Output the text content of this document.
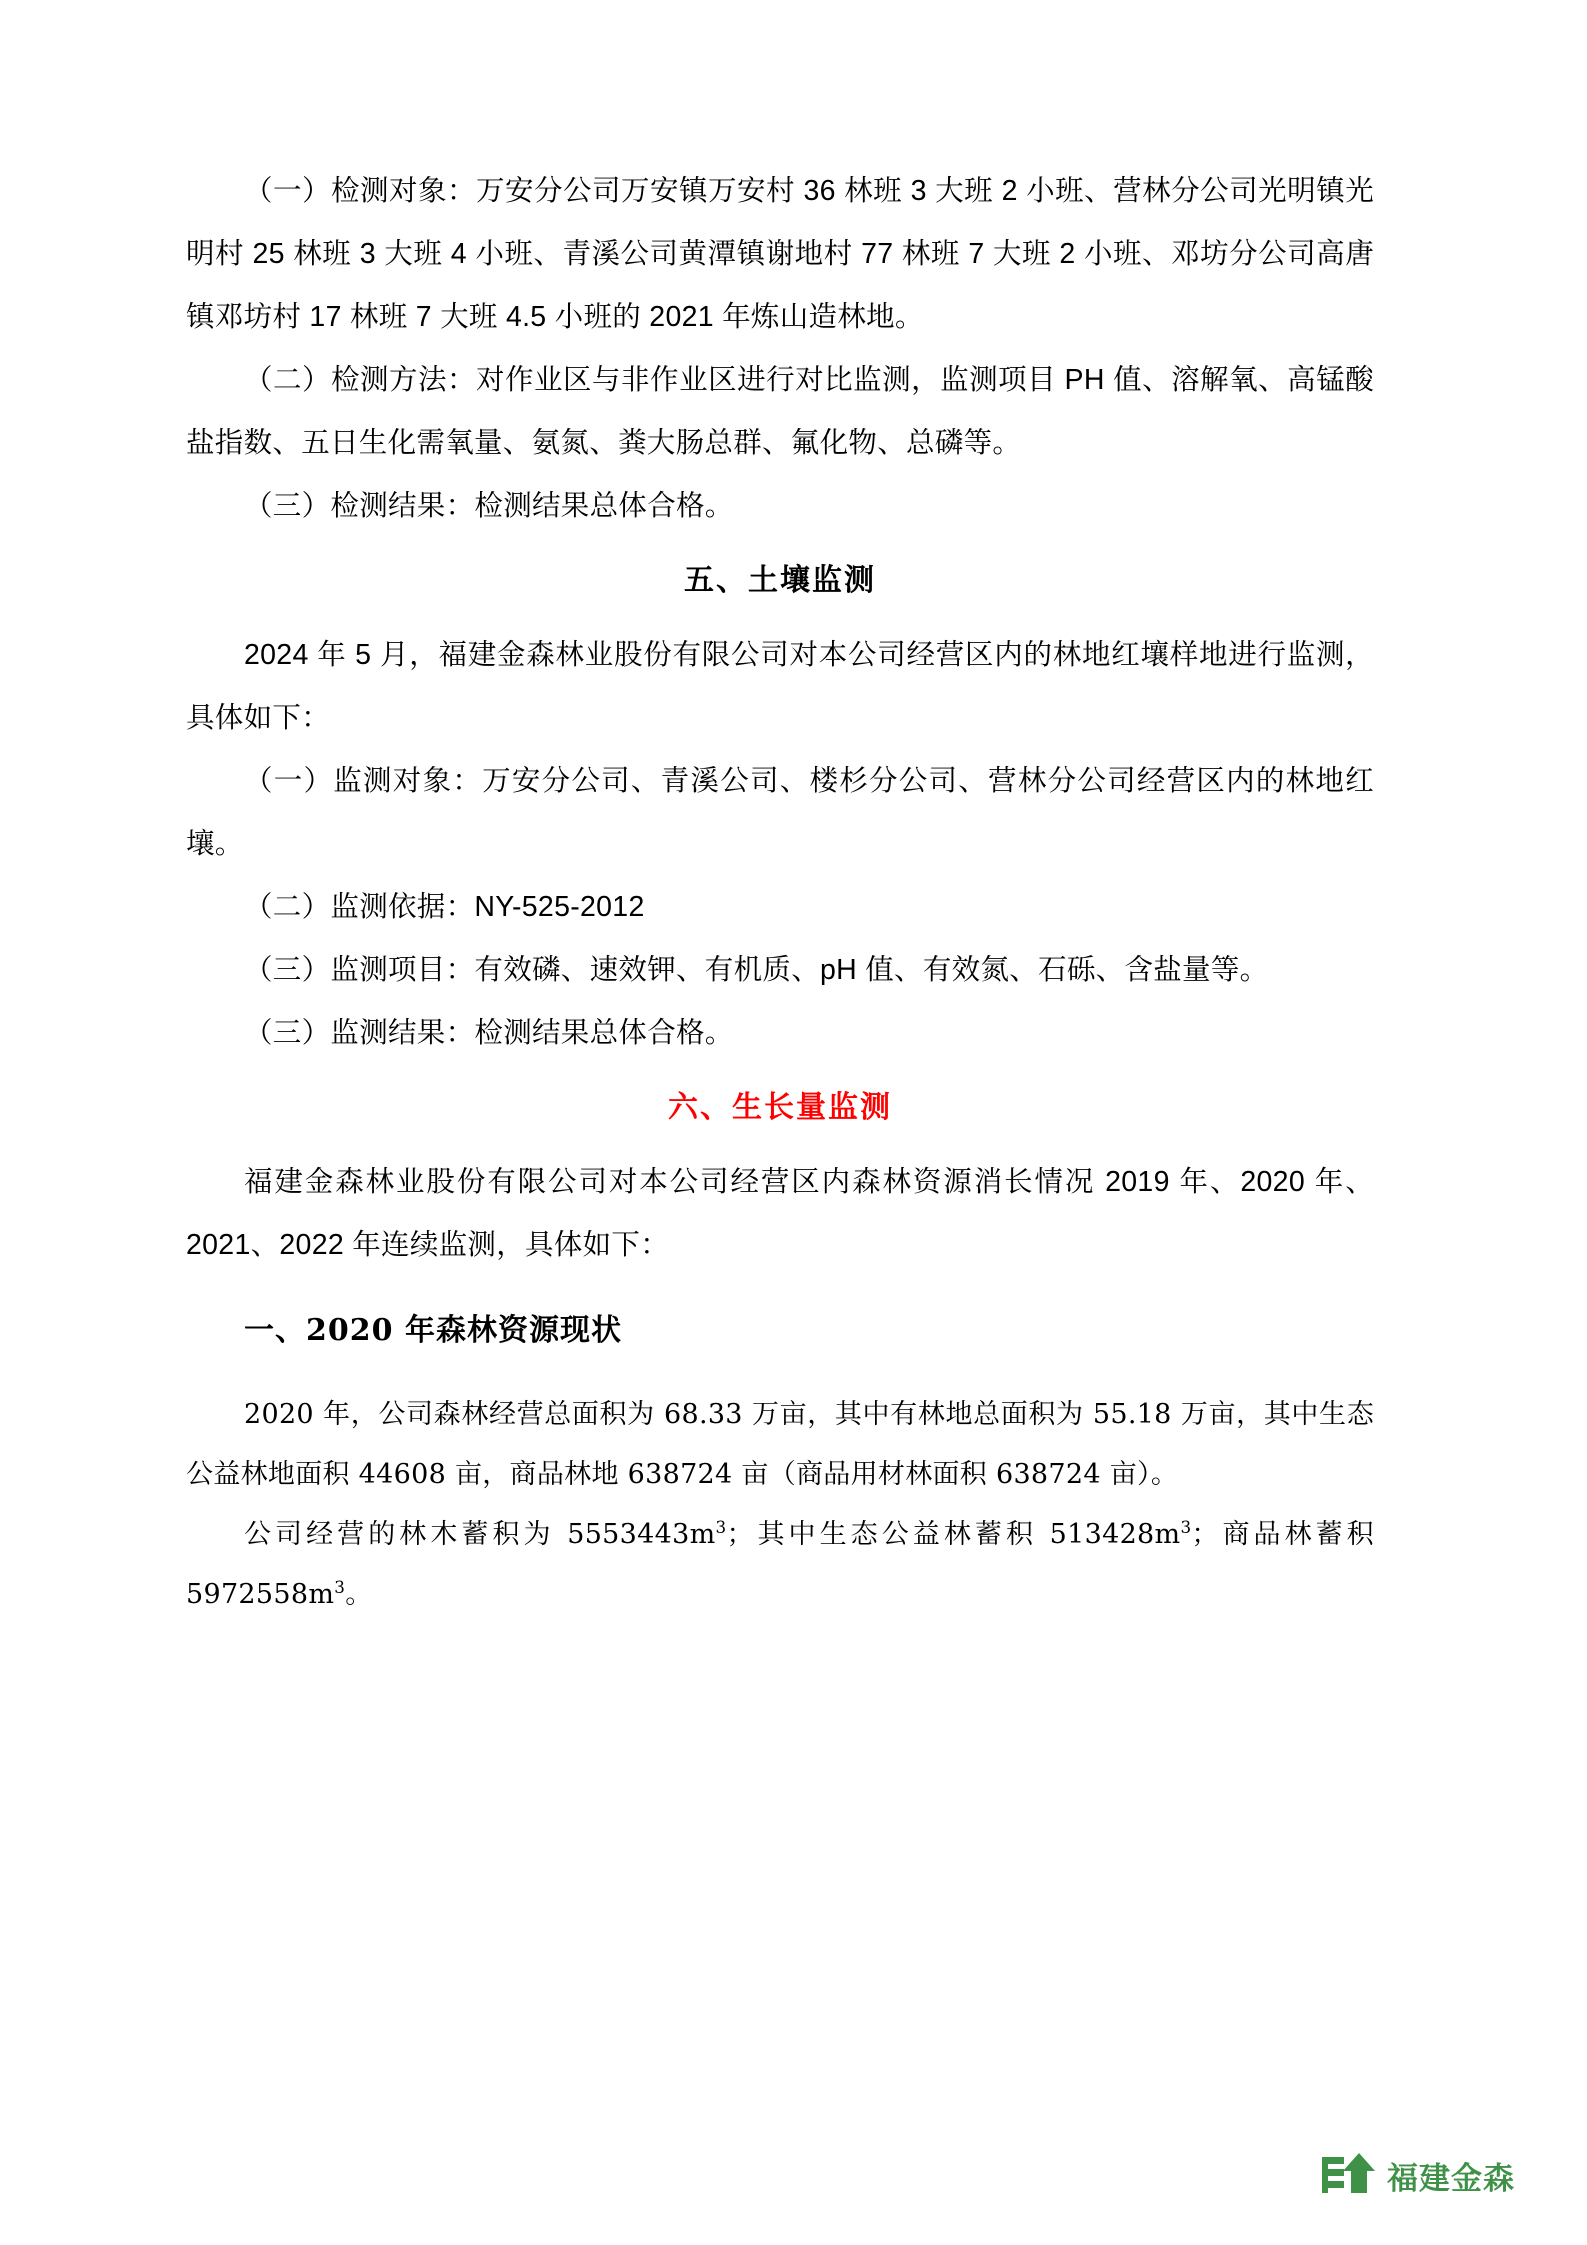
（一）检测对象：万安分公司万安镇万安村 36 林班 3 大班 2 小班、营林分公司光明镇光明村 25 林班 3 大班 4 小班、青溪公司黄潭镇谢地村 77 林班 7 大班 2 小班、邓坊分公司高唐镇邓坊村 17 林班 7 大班 4.5 小班的 2021 年炼山造林地。

（二）检测方法：对作业区与非作业区进行对比监测，监测项目 PH 值、溶解氧、高锰酸盐指数、五日生化需氧量、氨氮、粪大肠总群、氟化物、总磷等。

（三）检测结果：检测结果总体合格。

五、土壤监测

2024 年 5 月，福建金森林业股份有限公司对本公司经营区内的林地红壤样地进行监测，具体如下：

（一）监测对象：万安分公司、青溪公司、楼杉分公司、营林分公司经营区内的林地红壤。

（二）监测依据：NY-525-2012

（三）监测项目：有效磷、速效钾、有机质、pH 值、有效氮、石砾、含盐量等。

（三）监测结果：检测结果总体合格。

六、生长量监测

福建金森林业股份有限公司对本公司经营区内森林资源消长情况 2019 年、2020 年、2021、2022 年连续监测，具体如下：

一、2020 年森林资源现状

2020 年，公司森林经营总面积为 68.33 万亩，其中有林地总面积为 55.18 万亩，其中生态公益林地面积 44608 亩，商品林地 638724 亩（商品用材林面积 638724 亩）。

公司经营的林木蓄积为 $5553443m^3$；其中生态公益林蓄积 $513428m^3$；商品林蓄积 $5972558m^3$。

福建金森
